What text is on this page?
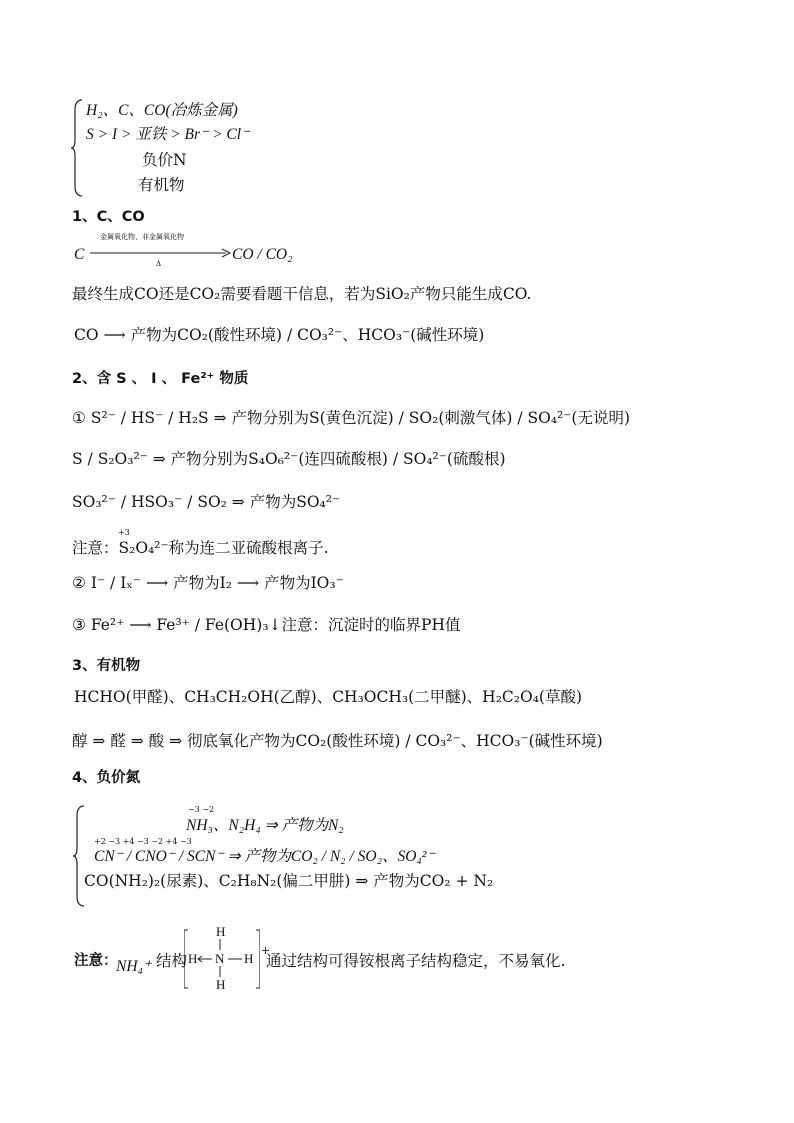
H₂、C、CO(冶炼金属)
S > I > 亚铁 > Br⁻ > Cl⁻
负价N
有机物
1、C、CO
C
金属氧化物、非金属氧化物
Δ
CO / CO₂
最终生成CO还是CO₂需要看题干信息，若为SiO₂产物只能生成CO.
CO ⟶ 产物为CO₂(酸性环境) / CO₃²⁻、HCO₃⁻(碱性环境)
2、含 S 、 I 、 Fe²⁺ 物质
① S²⁻ / HS⁻ / H₂S ⇒ 产物分别为S(黄色沉淀) / SO₂(刺激气体) / SO₄²⁻(无说明)
S / S₂O₃²⁻ ⇒ 产物分别为S₄O₆²⁻(连四硫酸根) / SO₄²⁻(硫酸根)
SO₃²⁻ / HSO₃⁻ / SO₂ ⇒ 产物为SO₄²⁻
+3
注意：S₂O₄²⁻称为连二亚硫酸根离子.
② I⁻ / Iₓ⁻ ⟶ 产物为I₂ ⟶ 产物为IO₃⁻
③ Fe²⁺ ⟶ Fe³⁺ / Fe(OH)₃↓注意：沉淀时的临界PH值
3、有机物
HCHO(甲醛)、CH₃CH₂OH(乙醇)、CH₃OCH₃(二甲醚)、H₂C₂O₄(草酸)
醇 ⇒ 醛 ⇒ 酸 ⇒ 彻底氧化产物为CO₂(酸性环境) / CO₃²⁻、HCO₃⁻(碱性环境)
4、负价氮
−3 −2
NH₃、N₂H₄ ⇒ 产物为N₂
+2 −3 +4 −3 −2 +4 −3
CN⁻ / CNO⁻ / SCN⁻ ⇒ 产物为CO₂ / N₂ / SO₂、SO₄²⁻
CO(NH₂)₂(尿素)、C₂H₈N₂(偏二甲肼) ⇒ 产物为CO₂ + N₂
注意：
NH₄⁺ 结构
H
H N H
H
+
通过结构可得铵根离子结构稳定，不易氧化.
